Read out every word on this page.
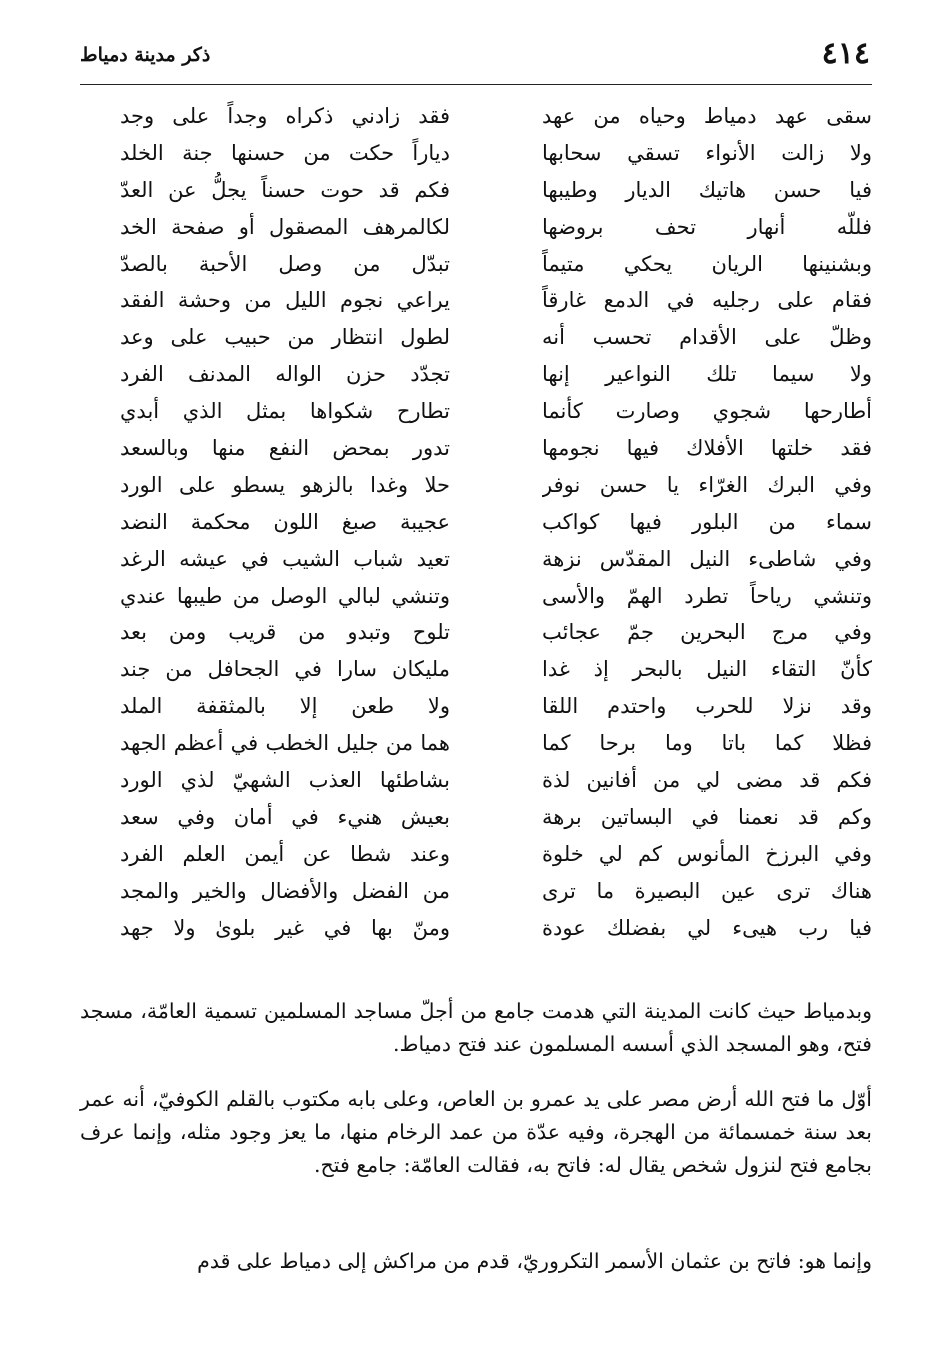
٤١٤
ذكر مدينة دمياط
سقى عهد دمياط وحياه من عهد
ولا زالت الأنواء تسقي سحابها
فيا حسن هاتيك الديار وطيبها
فللّه أنهار تحف بروضها
وبشنينها الريان يحكي متيماً
فقام على رجليه في الدمع غارقاً
وظلّ على الأقدام تحسب أنه
ولا سيما تلك النواعير إنها
أطارحها شجوي وصارت كأنما
فقد خلتها الأفلاك فيها نجومها
وفي البرك الغرّاء يا حسن نوفر
سماء من البلور فيها كواكب
وفي شاطىء النيل المقدّس نزهة
وتنشي رياحاً تطرد الهمّ والأسى
وفي مرج البحرين جمّ عجائب
كأنّ التقاء النيل بالبحر إذ غدا
وقد نزلا للحرب واحتدم اللقا
فظلا كما باتا وما برحا كما
فكم قد مضى لي من أفانين لذة
وكم قد نعمنا في البساتين برهة
وفي البرزخ المأنوس كم لي خلوة
هناك ترى عين البصيرة ما ترى
فيا رب هيىء لي بفضلك عودة
فقد زادني ذكراه وجداً على وجد
دياراً حكت من حسنها جنة الخلد
فكم قد حوت حسناً يجلُّ عن العدّ
لكالمرهف المصقول أو صفحة الخد
تبدّل من وصل الأحبة بالصدّ
يراعي نجوم الليل من وحشة الفقد
لطول انتظار من حبيب على وعد
تجدّد حزن الواله المدنف الفرد
تطارح شكواها بمثل الذي أبدي
تدور بمحض النفع منها وبالسعد
حلا وغدا بالزهو يسطو على الورد
عجيبة صبغ اللون محكمة النضد
تعيد شباب الشيب في عيشه الرغد
وتنشي لبالي الوصل من طيبها عندي
تلوح وتبدو من قريب ومن بعد
مليكان سارا في الجحافل من جند
ولا طعن إلا بالمثقفة الملد
هما من جليل الخطب في أعظم الجهد
بشاطئها العذب الشهيّ لذي الورد
بعيش هنيء في أمان وفي سعد
وعند شطا عن أيمن العلم الفرد
من الفضل والأفضال والخير والمجد
ومنّ بها في غير بلوىٰ ولا جهد

وبدمياط حيث كانت المدينة التي هدمت جامع من أجلّ مساجد المسلمين تسمية العامّة، مسجد فتح، وهو المسجد الذي أسسه المسلمون عند فتح دمياط.

أوّل ما فتح الله أرض مصر على يد عمرو بن العاص، وعلى بابه مكتوب بالقلم الكوفيّ، أنه عمر بعد سنة خمسمائة من الهجرة، وفيه عدّة من عمد الرخام منها، ما يعز وجود مثله، وإنما عرف بجامع فتح لنزول شخص يقال له: فاتح به، فقالت العامّة: جامع فتح.

وإنما هو: فاتح بن عثمان الأسمر التكروريّ، قدم من مراكش إلى دمياط على قدم
